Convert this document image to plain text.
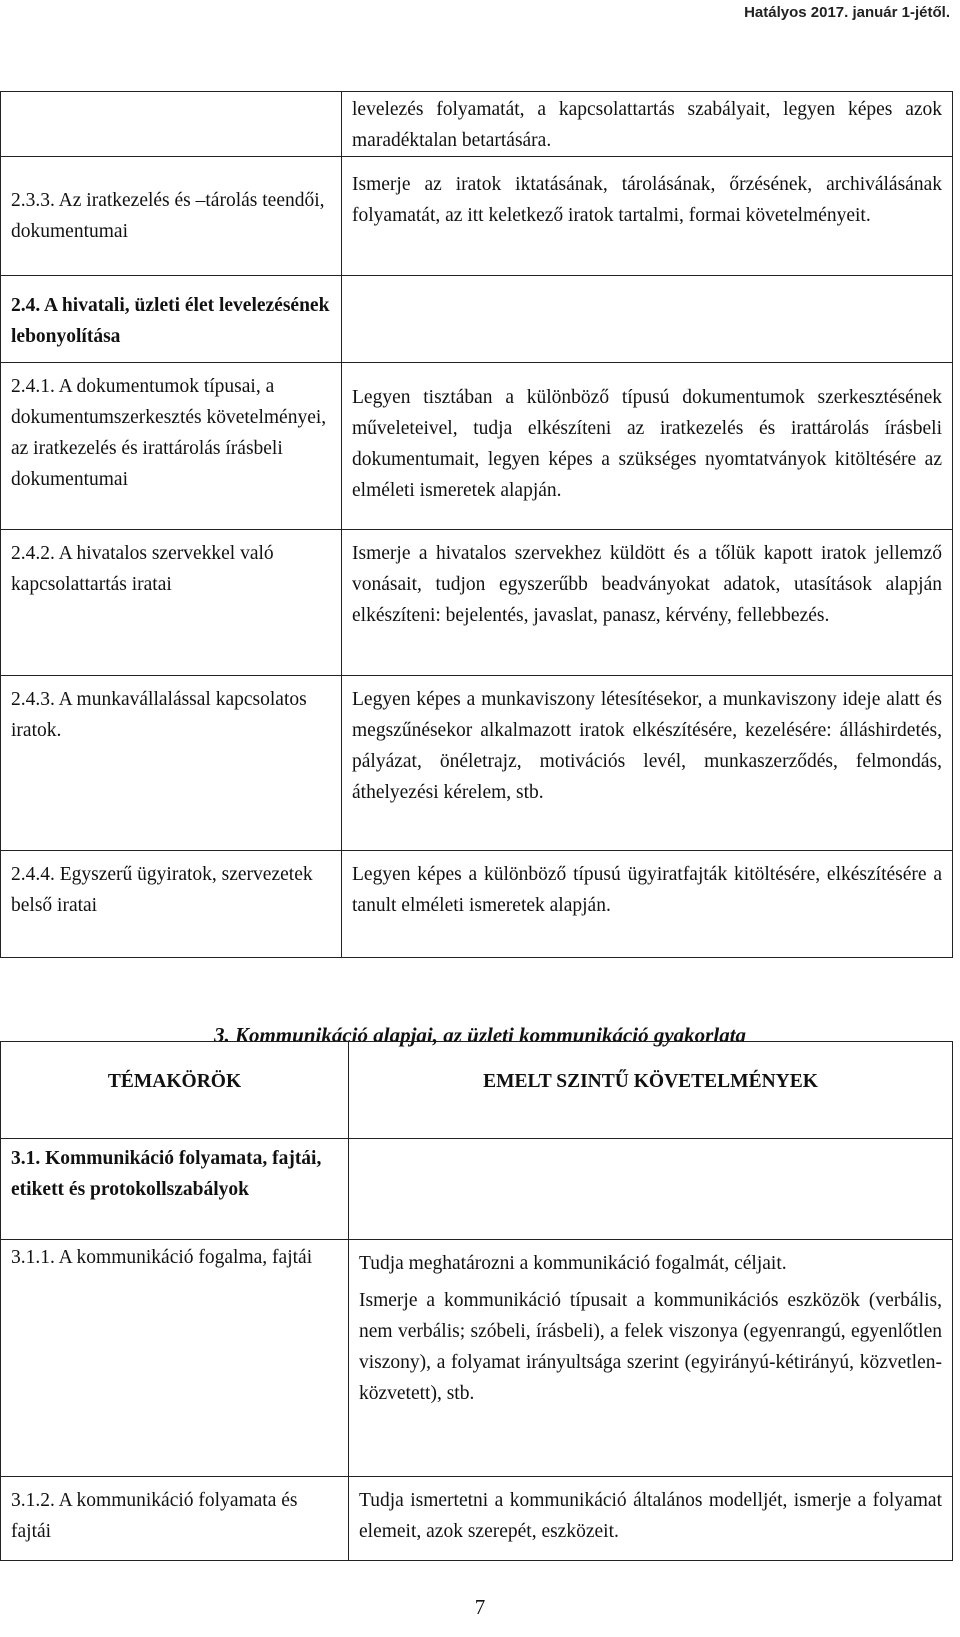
Hatályos 2017. január 1-jétől.

	levelezés folyamatát, a kapcsolattartás szabályait, legyen képes azok maradéktalan betartására.

2.3.3. Az iratkezelés és –tárolás teendői, dokumentumai	Ismerje az iratok iktatásának, tárolásának, őrzésének, archiválásának folyamatát, az itt keletkező iratok tartalmi, formai követelményeit.

2.4. A hivatali, üzleti élet levelezésének lebonyolítása	
2.4.1. A dokumentumok típusai, a dokumentumszerkesztés követelményei, az iratkezelés és irattárolás írásbeli dokumentumai	Legyen tisztában a különböző típusú dokumentumok szerkesztésének műveleteivel, tudja elkészíteni az iratkezelés és irattárolás írásbeli dokumentumait, legyen képes a szükséges nyomtatványok kitöltésére az elméleti ismeretek alapján.

2.4.2. A hivatalos szervekkel való kapcsolattartás iratai	Ismerje a hivatalos szervekhez küldött és a tőlük kapott iratok jellemző vonásait, tudjon egyszerűbb beadványokat adatok, utasítások alapján elkészíteni: bejelentés, javaslat, panasz, kérvény, fellebbezés.

2.4.3. A munkavállalással kapcsolatos iratok.	Legyen képes a munkaviszony létesítésekor, a munkaviszony ideje alatt és megszűnésekor alkalmazott iratok elkészítésére, kezelésére: álláshirdetés, pályázat, önéletrajz, motivációs levél, munkaszerződés, felmondás, áthelyezési kérelem, stb.

2.4.4. Egyszerű ügyiratok, szervezetek belső iratai	Legyen képes a különböző típusú ügyiratfajták kitöltésére, elkészítésére a tanult elméleti ismeretek alapján.

3. Kommunikáció alapjai, az üzleti kommunikáció gyakorlata
TÉMAKÖRÖK	EMELT SZINTŰ KÖVETELMÉNYEK
3.1. Kommunikáció folyamata, fajtái, etikett és protokollszabályok	
3.1.1. A kommunikáció fogalma, fajtái	Tudja meghatározni a kommunikáció fogalmát, céljait.

Ismerje a kommunikáció típusait a kommunikációs eszközök (verbális, nem verbális; szóbeli, írásbeli), a felek viszonya (egyenrangú, egyenlőtlen viszony), a folyamat irányultsága szerint (egyirányú-kétirányú, közvetlen-közvetett), stb.

3.1.2. A kommunikáció folyamata és fajtái	Tudja ismertetni a kommunikáció általános modelljét, ismerje a folyamat elemeit, azok szerepét, eszközeit.

7
